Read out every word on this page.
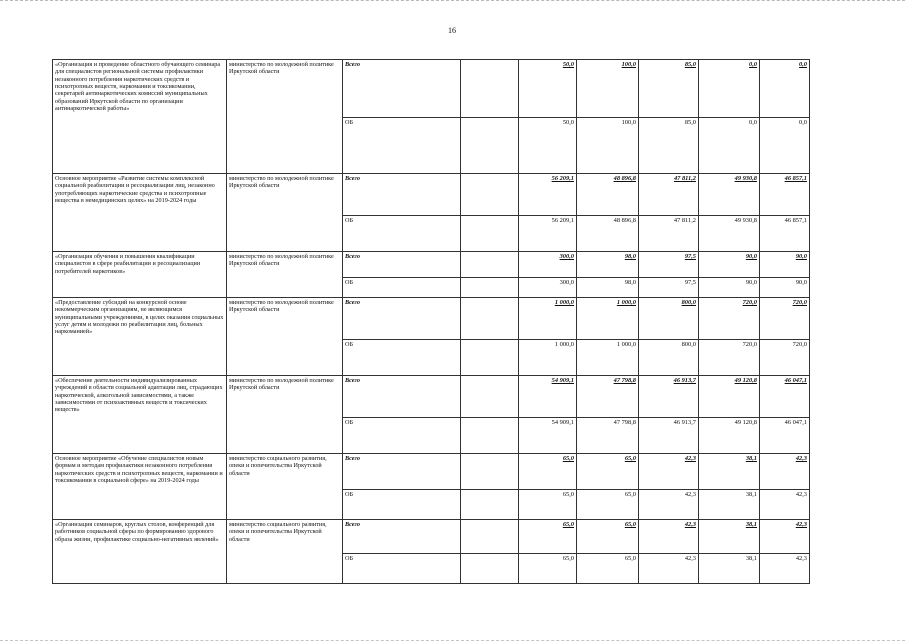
16
«Организация и проведение областного обучающего семинара для специалистов региональной системы профилактики незаконного потребления наркотических средств и психотропных веществ, наркомании и токсикомании, секретарей антинаркотических комиссий муниципальных образований Иркутской области по организации антинаркотической работы»	министерство по молодежной политике Иркутской области	Всего		50,0	100,0	85,0	0,0	0,0	
		ОБ		50,0	100,0	85,0	0,0	0,0	
Основное мероприятие «Развитие системы комплексной социальной реабилитации и ресоциализации лиц, незаконно употребляющих наркотические средства и психотропные вещества в немедицинских целях» на 2019-2024 годы	министерство по молодежной политике Иркутской области	Всего		56 209,1	48 896,8	47 811,2	49 930,8	46 857,1	
		ОБ		56 209,1	48 896,8	47 811,2	49 930,8	46 857,1	
«Организация обучения и повышения квалификации специалистов в сфере реабилитации и ресоциализации потребителей наркотиков»	министерство по молодежной политике Иркутской области	Всего		300,0	98,0	97,5	90,0	90,0	
		ОБ		300,0	98,0	97,5	90,0	90,0	
«Предоставление субсидий на конкурсной основе некоммерческим организациям, не являющимся муниципальными учреждениями, в целях оказания социальных услуг детям и молодежи по реабилитации лиц, больных наркоманией»	министерство по молодежной политике Иркутской области	Всего		1 000,0	1 000,0	800,0	720,0	720,0	
		ОБ		1 000,0	1 000,0	800,0	720,0	720,0	
«Обеспечение деятельности индивидуализированных учреждений в области социальной адаптации лиц, страдающих наркотической, алкогольной зависимостями, а также зависимостями от психоактивных веществ и токсических веществ»	министерство по молодежной политике Иркутской области	Всего		54 909,1	47 798,8	46 913,7	49 120,8	46 047,1	
		ОБ		54 909,1	47 798,8	46 913,7	49 120,8	46 047,1	
Основное мероприятие «Обучение специалистов новым формам и методам профилактики незаконного потребления наркотических средств и психотропных веществ, наркомании и токсикомании в социальной сфере» на 2019-2024 годы	министерство социального развития, опеки и попечительства Иркутской области	Всего		65,0	65,0	42,3	38,1	42,3	
		ОБ		65,0	65,0	42,3	38,1	42,3	
«Организация семинаров, круглых столов, конференций для работников социальной сферы по формированию здорового образа жизни, профилактике социально-негативных явлений»	министерство социального развития, опеки и попечительства Иркутской области	Всего		65,0	65,0	42,3	38,1	42,3	
		ОБ		65,0	65,0	42,3	38,1	42,3	
